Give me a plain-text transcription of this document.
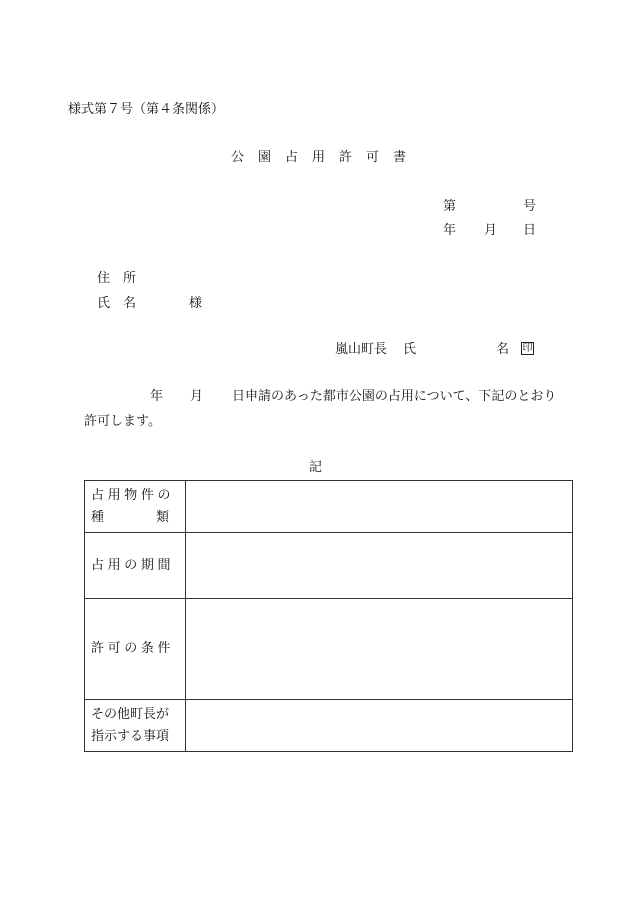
様式第７号（第４条関係）
公 園 占 用 許 可 書
第	号
年 月 日
住　所
氏　名	様
嵐山町長 氏	名 印
年 月 日申請のあった都市公園の占用について、下記のとおり
許可します。
記
占用物件の
種 類	

占用の期間	

許可の条件	

その他町長が
指示する事項	
